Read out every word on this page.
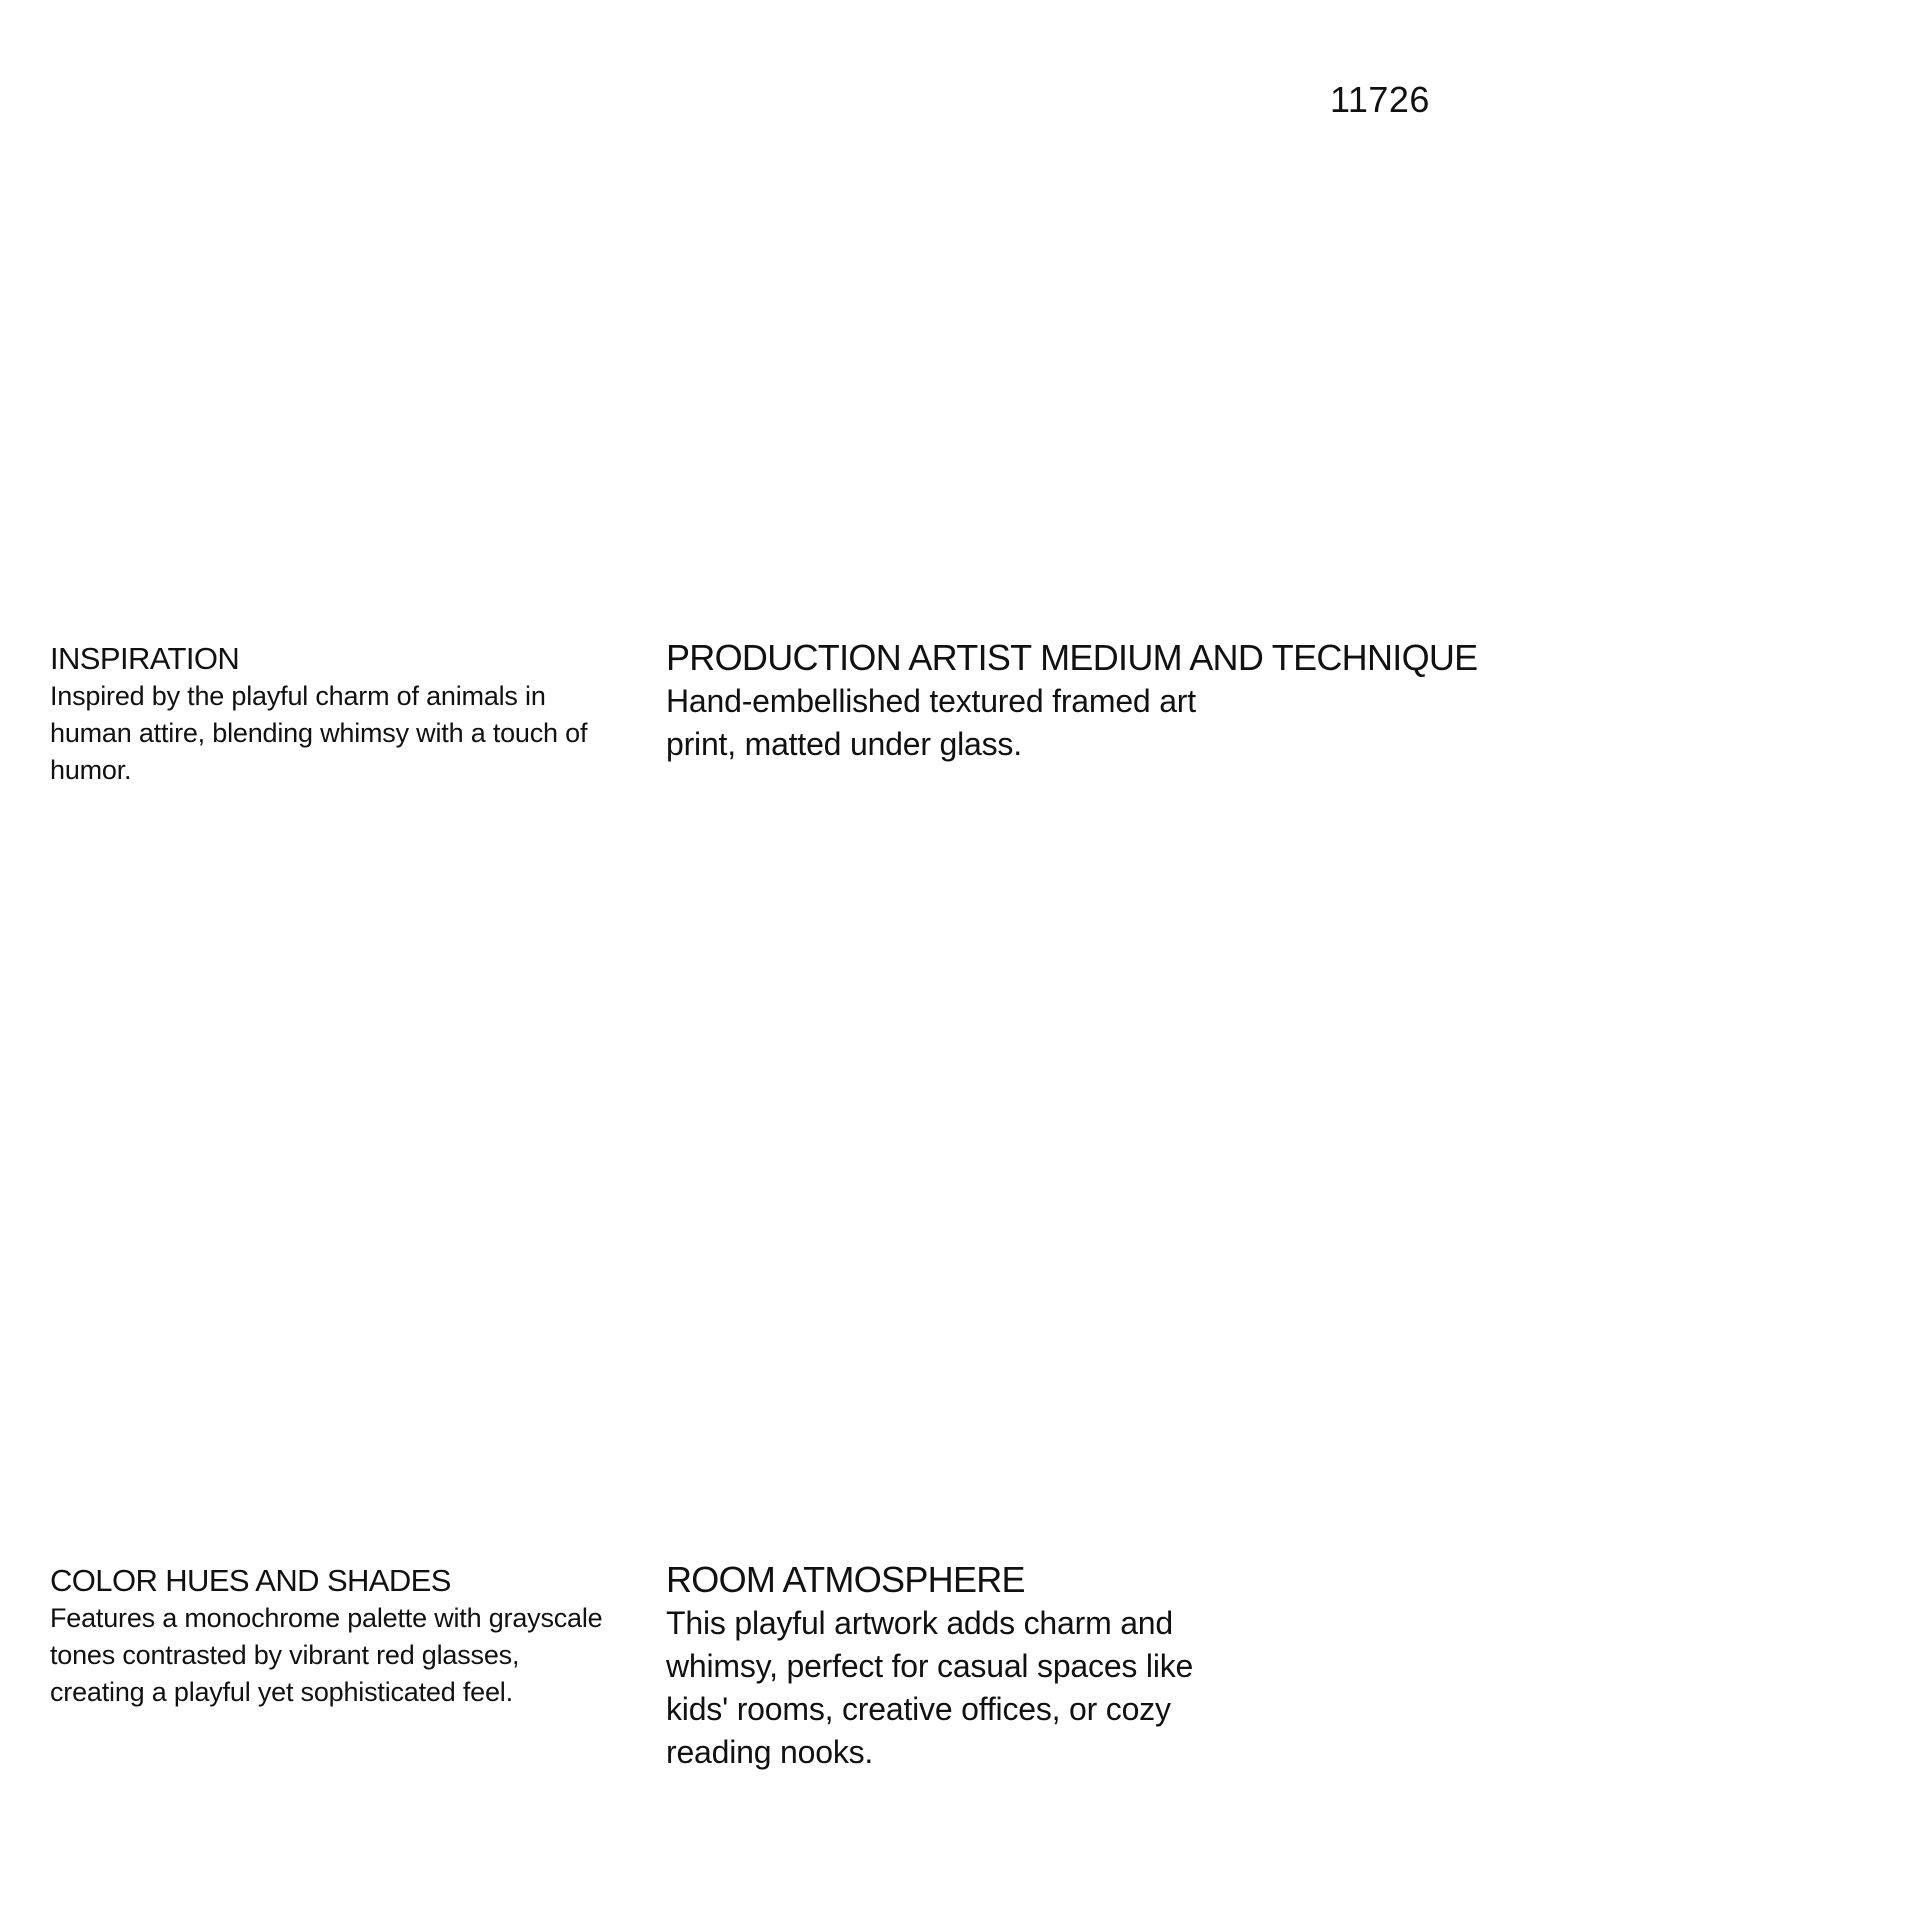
11726
INSPIRATION

Inspired by the playful charm of animals in human attire, blending whimsy with a touch of humor.

PRODUCTION ARTIST MEDIUM AND TECHNIQUE

Hand-embellished textured framed art print, matted under glass.

COLOR HUES AND SHADES

Features a monochrome palette with grayscale tones contrasted by vibrant red glasses, creating a playful yet sophisticated feel.

ROOM ATMOSPHERE

This playful artwork adds charm and whimsy, perfect for casual spaces like kids' rooms, creative offices, or cozy reading nooks.
